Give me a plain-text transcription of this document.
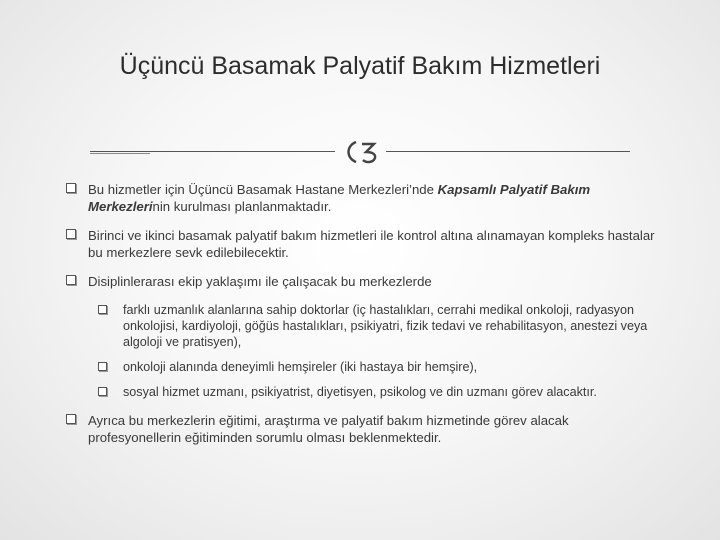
Üçüncü Basamak Palyatif Bakım Hizmetleri
Bu hizmetler için Üçüncü Basamak Hastane Merkezleri’nde Kapsamlı Palyatif Bakım Merkezlerinin kurulması planlanmaktadır.
Birinci ve ikinci basamak palyatif bakım hizmetleri ile kontrol altına alınamayan kompleks hastalar bu merkezlere sevk edilebilecektir.
Disiplinlerarası ekip yaklaşımı ile çalışacak bu merkezlerde
farklı uzmanlık alanlarına sahip doktorlar (iç hastalıkları, cerrahi medikal onkoloji, radyasyon onkolojisi, kardiyoloji, göğüs hastalıkları, psikiyatri, fizik tedavi ve rehabilitasyon, anestezi veya algoloji ve pratisyen),
onkoloji alanında deneyimli hemşireler (iki hastaya bir hemşire),
sosyal hizmet uzmanı, psikiyatrist, diyetisyen, psikolog ve din uzmanı görev alacaktır.
Ayrıca bu merkezlerin eğitimi, araştırma ve palyatif bakım hizmetinde görev alacak profesyonellerin eğitiminden sorumlu olması beklenmektedir.
